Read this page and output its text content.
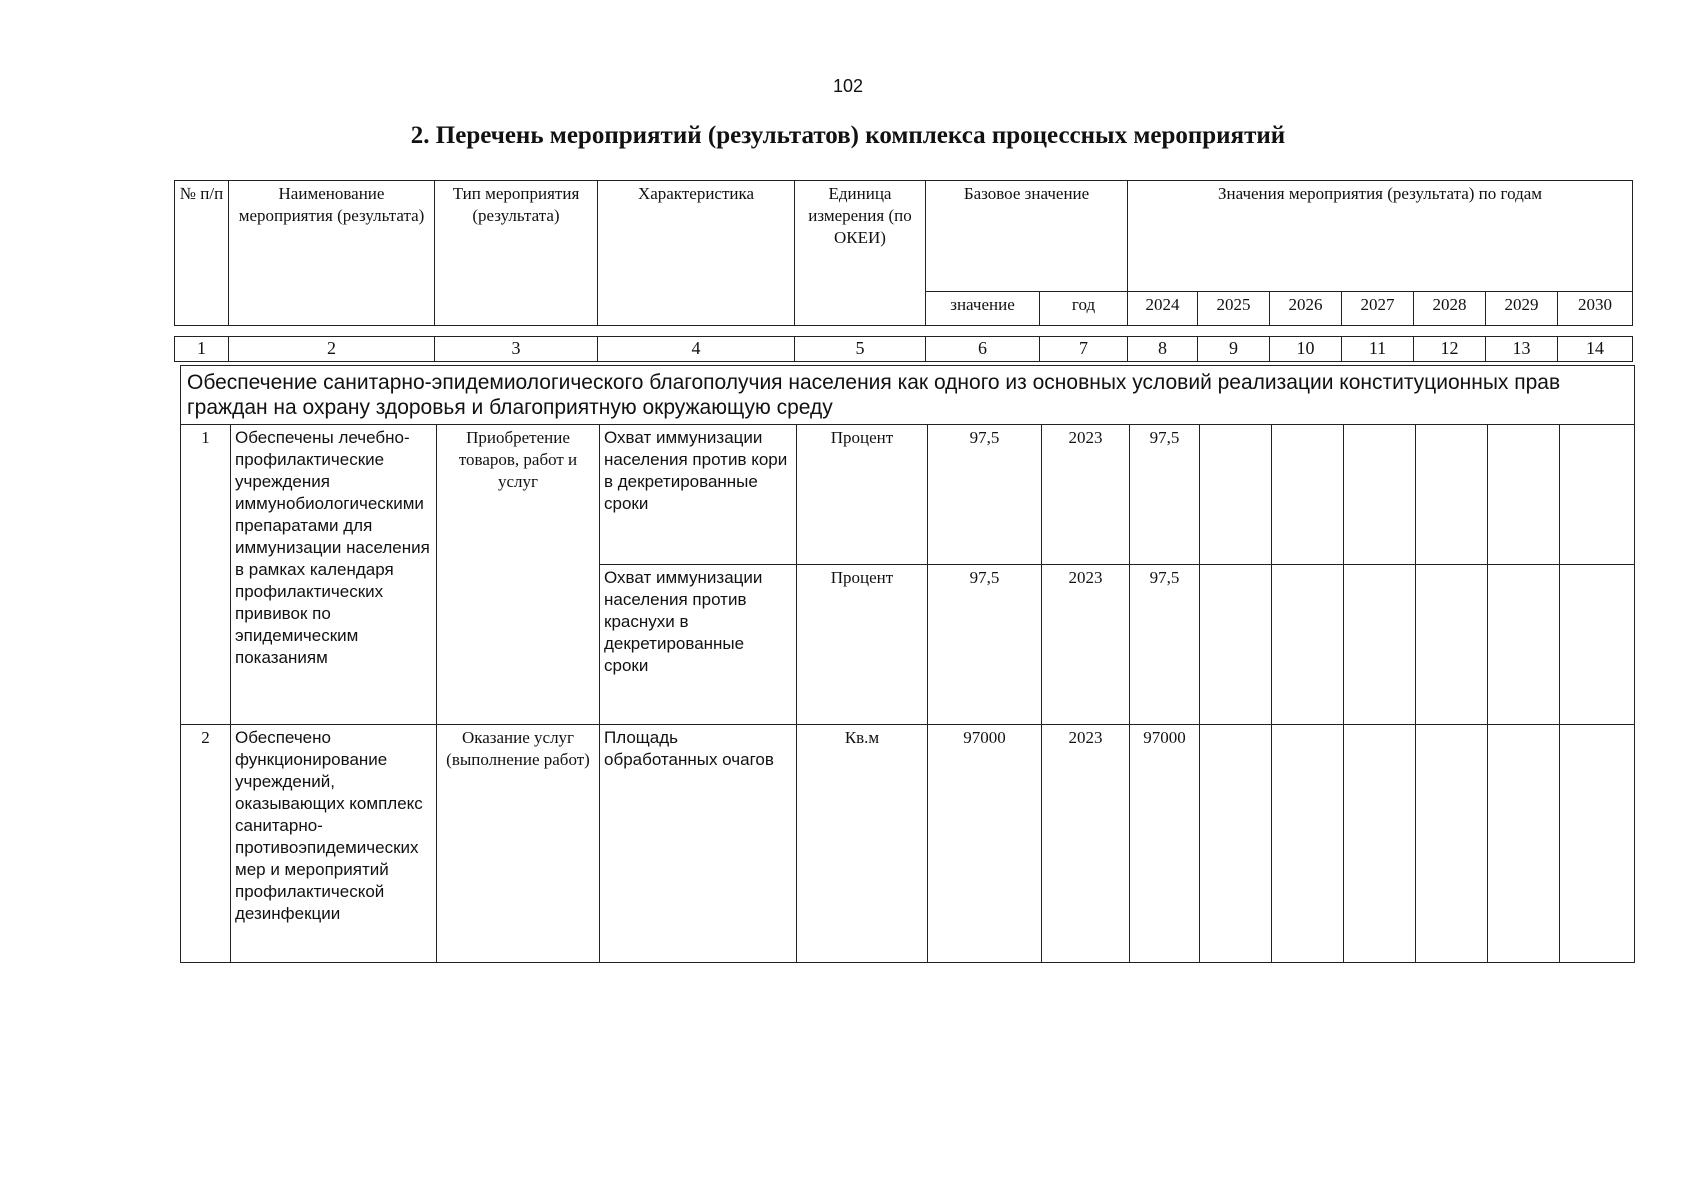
102
2. Перечень мероприятий (результатов) комплекса процессных мероприятий
№ п/п	Наименование мероприятия (результата)	Тип мероприятия (результата)	Характеристика	Единица измерения (по ОКЕИ)	Базовое значение		Значения мероприятия (результата) по годам						
					значение	год	2024	2025	2026	2027	2028	2029	2030
1	2	3	4	5	6	7	8	9	10	11	12	13	14
Обеспечение санитарно-эпидемиологического благополучия населения как одного из основных условий реализации конституционных прав граждан на охрану здоровья и благоприятную окружающую среду													
1	Обеспечены лечебно-профилактические учреждения иммунобиологическими препаратами для иммунизации населения в рамках календаря профилактических прививок по эпидемическим показаниям	Приобретение товаров, работ и услуг	Охват иммунизации населения против кори в декретированные сроки	Процент	97,5	2023	97,5						
			Охват иммунизации населения против краснухи в декретированные сроки	Процент	97,5	2023	97,5						
2	Обеспечено функционирование учреждений, оказывающих комплекс санитарно-противоэпидемических мер и мероприятий профилактической дезинфекции	Оказание услуг (выполнение работ)	Площадь обработанных очагов	Кв.м	97000	2023	97000						
